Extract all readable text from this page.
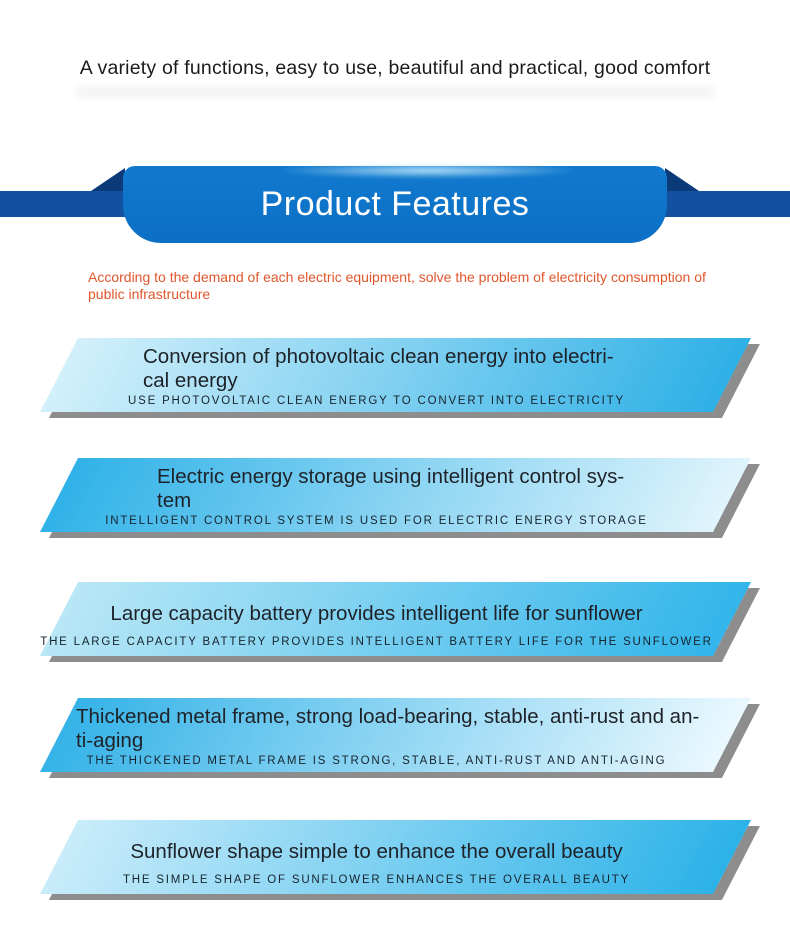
A variety of functions, easy to use, beautiful and practical, good comfort
Product Features
According to the demand of each electric equipment, solve the problem of electricity consumption of public infrastructure
Conversion of photovoltaic clean energy into electri-
cal energy
USE PHOTOVOLTAIC CLEAN ENERGY TO CONVERT INTO ELECTRICITY
Electric energy storage using intelligent control sys-
tem
INTELLIGENT CONTROL SYSTEM IS USED FOR ELECTRIC ENERGY STORAGE
Large capacity battery provides intelligent life for sunflower
THE LARGE CAPACITY BATTERY PROVIDES INTELLIGENT BATTERY LIFE FOR THE SUNFLOWER
Thickened metal frame, strong load-bearing, stable, anti-rust and an-
ti-aging
THE THICKENED METAL FRAME IS STRONG, STABLE, ANTI-RUST AND ANTI-AGING
Sunflower shape simple to enhance the overall beauty
THE SIMPLE SHAPE OF SUNFLOWER ENHANCES THE OVERALL BEAUTY
